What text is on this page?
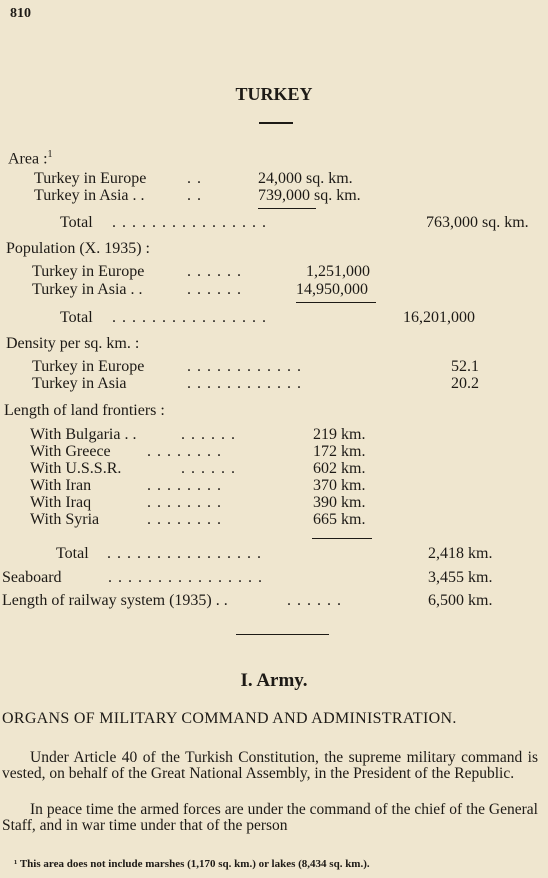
810
TURKEY
Area :$^1$
Turkey in Europe	. .	24,000 sq. km.
Turkey in Asia . .	. .	739,000 sq. km.
Total . . . . . . . . . . . . . . . .	763,000 sq. km.
Population (X. 1935) :
Turkey in Europe	. . . . . .	1,251,000
Turkey in Asia . .	. . . . . .	14,950,000
Total . . . . . . . . . . . . . . . .	16,201,000
Density per sq. km. :
Turkey in Europe	. . . . . . . . . . . .	52.1
Turkey in Asia	. . . . . . . . . . . .	20.2
Length of land frontiers :
With Bulgaria . .	. . . . . .	219 km.
With Greece . . . . . . . .	172 km.
With U.S.S.R.	. . . . . .	602 km.
With Iran	. . . . . . . .	370 km.
With Iraq	. . . . . . . .	390 km.
With Syria	. . . . . . . .	665 km.
Total . . . . . . . . . . . . . . . .	2,418 km.
Seaboard	. . . . . . . . . . . . . . . .	3,455 km.
Length of railway system (1935) . .	. . . . . .	6,500 km.
I. Army.
ORGANS OF MILITARY COMMAND AND ADMINISTRATION.
Under Article 40 of the Turkish Constitution, the supreme military command is vested, on behalf of the Great National Assembly, in the President of the Republic.
In peace time the armed forces are under the command of the chief of the General Staff, and in war time under that of the person
¹ This area does not include marshes (1,170 sq. km.) or lakes (8,434 sq. km.).
